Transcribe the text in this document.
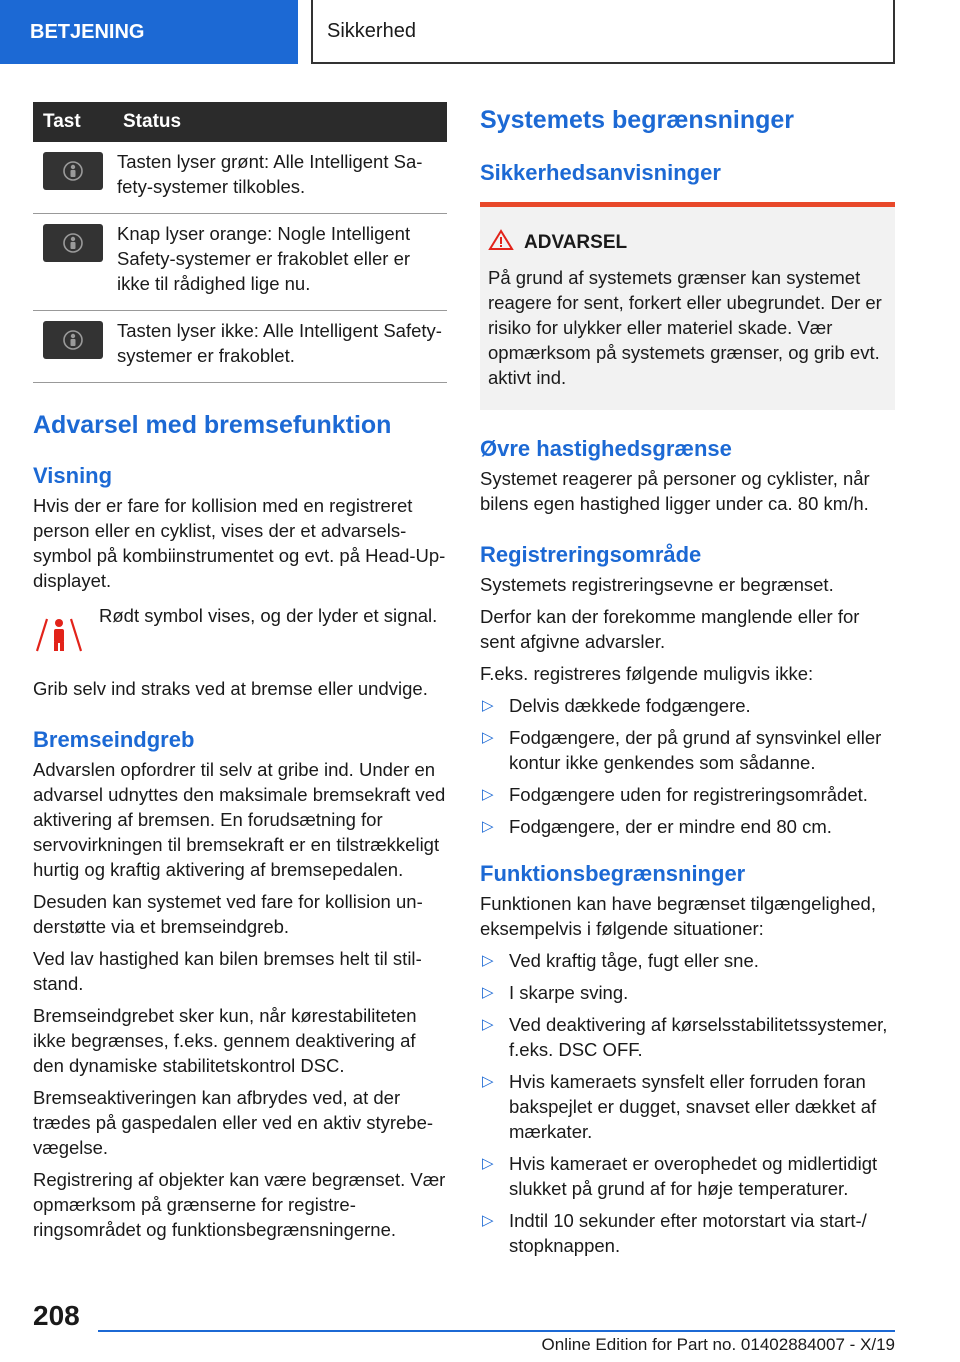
BETJENING	Sikkerhed
Tast	Status

	Tasten lyser grønt: Alle Intelligent Safety-systemer tilkobles.

	Knap lyser orange: Nogle Intelligent Safety-systemer er frakoblet eller er ikke til rådighed lige nu.

	Tasten lyser ikke: Alle Intelligent Safety-systemer er frakoblet.
Advarsel med bremsefunktion
Visning

Hvis der er fare for kollision med en registreret person eller en cyklist, vises der et advarselssymbol på kombiinstrumentet og evt. på Head-Up-displayet.

Rødt symbol vises, og der lyder et signal.

Grib selv ind straks ved at bremse eller undvige.

Bremseindgreb

Advarslen opfordrer til selv at gribe ind. Under en advarsel udnyttes den maksimale bremsekraft ved aktivering af bremsen. En forudsætning for servovirkningen til bremsekraft er en tilstrækkeligt hurtig og kraftig aktivering af bremsepedalen.

Desuden kan systemet ved fare for kollision understøtte via et bremseindgreb.

Ved lav hastighed kan bilen bremses helt til stilstand.

Bremseindgrebet sker kun, når kørestabiliteten ikke begrænses, f.eks. gennem deaktivering af den dynamiske stabilitetskontrol DSC.

Bremseaktiveringen kan afbrydes ved, at der trædes på gaspedalen eller ved en aktiv styrebevægelse.

Registrering af objekter kan være begrænset. Vær opmærksom på grænserne for registreringsområdet og funktionsbegrænsningerne.

Systemets begrænsninger
Sikkerhedsanvisninger
ADVARSEL

På grund af systemets grænser kan systemet reagere for sent, forkert eller ubegrundet. Der er risiko for ulykker eller materiel skade. Vær opmærksom på systemets grænser, og grib evt. aktivt ind.

Øvre hastighedsgrænse

Systemet reagerer på personer og cyklister, når bilens egen hastighed ligger under ca. 80 km/h.

Registreringsområde

Systemets registreringsevne er begrænset.

Derfor kan der forekomme manglende eller for sent afgivne advarsler.

F.eks. registreres følgende muligvis ikke:

▷ Delvis dækkede fodgængere.
▷ Fodgængere, der på grund af synsvinkel eller kontur ikke genkendes som sådanne.
▷ Fodgængere uden for registreringsområdet.
▷ Fodgængere, der er mindre end 80 cm.
Funktionsbegrænsninger

Funktionen kan have begrænset tilgængelighed, eksempelvis i følgende situationer:

▷ Ved kraftig tåge, fugt eller sne.
▷ I skarpe sving.
▷ Ved deaktivering af kørselsstabilitetssystemer, f.eks. DSC OFF.
▷ Hvis kameraets synsfelt eller forruden foran bakspejlet er dugget, snavset eller dækket af mærkater.
▷ Hvis kameraet er overophedet og midlertidigt slukket på grund af for høje temperaturer.
▷ Indtil 10 sekunder efter motorstart via start-/ stopknappen.
208
Online Edition for Part no. 01402884007 - X/19
